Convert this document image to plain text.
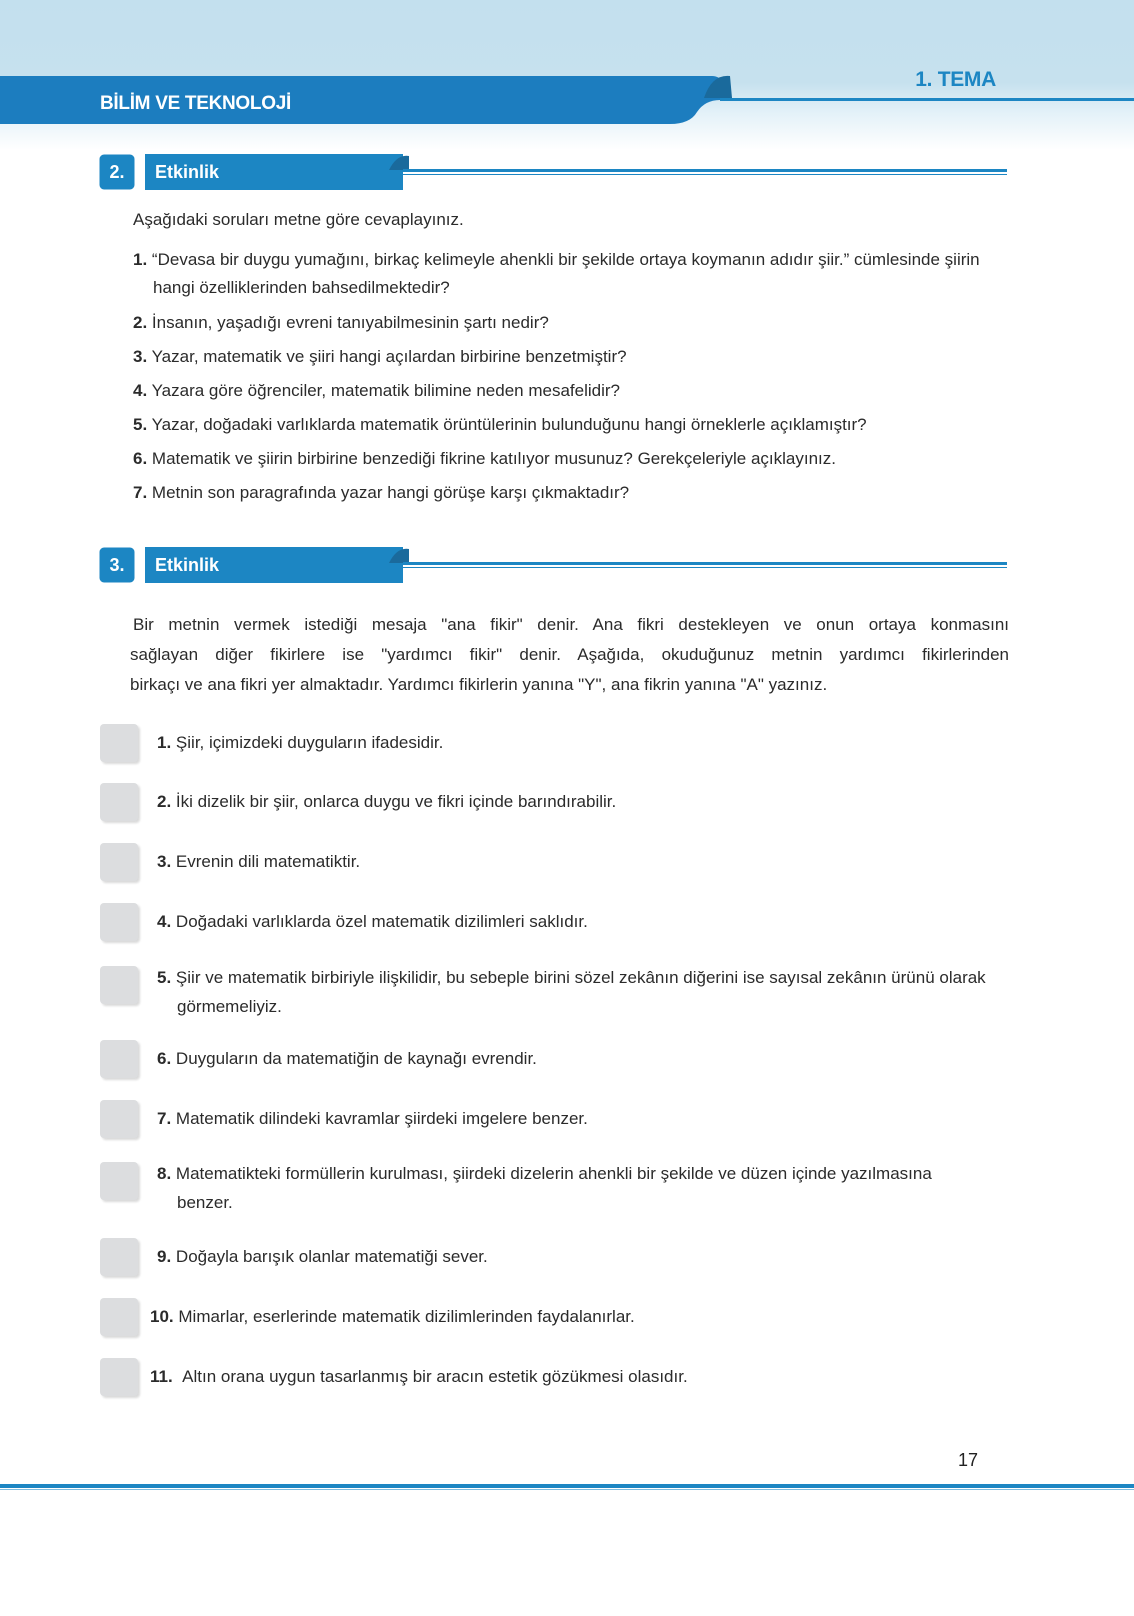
BİLİM VE TEKNOLOJİ
1. TEMA
2.	Etkinlik
Aşağıdaki soruları metne göre cevaplayınız.
1. “Devasa bir duygu yumağını, birkaç kelimeyle ahenkli bir şekilde ortaya koymanın adıdır şiir.” cümlesinde şiirin hangi özelliklerinden bahsedilmektedir?
2. İnsanın, yaşadığı evreni tanıyabilmesinin şartı nedir?
3. Yazar, matematik ve şiiri hangi açılardan birbirine benzetmiştir?
4. Yazara göre öğrenciler, matematik bilimine neden mesafelidir?
5. Yazar, doğadaki varlıklarda matematik örüntülerinin bulunduğunu hangi örneklerle açıklamıştır?
6. Matematik ve şiirin birbirine benzediği fikrine katılıyor musunuz? Gerekçeleriyle açıklayınız.
7. Metnin son paragrafında yazar hangi görüşe karşı çıkmaktadır?
3.	Etkinlik
Bir metnin vermek istediği mesaja "ana fikir" denir. Ana fikri destekleyen ve onun ortaya konmasını
sağlayan diğer fikirlere ise "yardımcı fikir" denir. Aşağıda, okuduğunuz metnin yardımcı fikirlerinden
birkaçı ve ana fikri yer almaktadır. Yardımcı fikirlerin yanına "Y", ana fikrin yanına "A" yazınız.
1. Şiir, içimizdeki duyguların ifadesidir.
2. İki dizelik bir şiir, onlarca duygu ve fikri içinde barındırabilir.
3. Evrenin dili matematiktir.
4. Doğadaki varlıklarda özel matematik dizilimleri saklıdır.
5. Şiir ve matematik birbiriyle ilişkilidir, bu sebeple birini sözel zekânın diğerini ise sayısal zekânın ürünü olarak görmemeliyiz.
6. Duyguların da matematiğin de kaynağı evrendir.
7. Matematik dilindeki kavramlar şiirdeki imgelere benzer.
8. Matematikteki formüllerin kurulması, şiirdeki dizelerin ahenkli bir şekilde ve düzen içinde yazılmasına benzer.
9. Doğayla barışık olanlar matematiği sever.
10. Mimarlar, eserlerinde matematik dizilimlerinden faydalanırlar.
11. Altın orana uygun tasarlanmış bir aracın estetik gözükmesi olasıdır.
17
